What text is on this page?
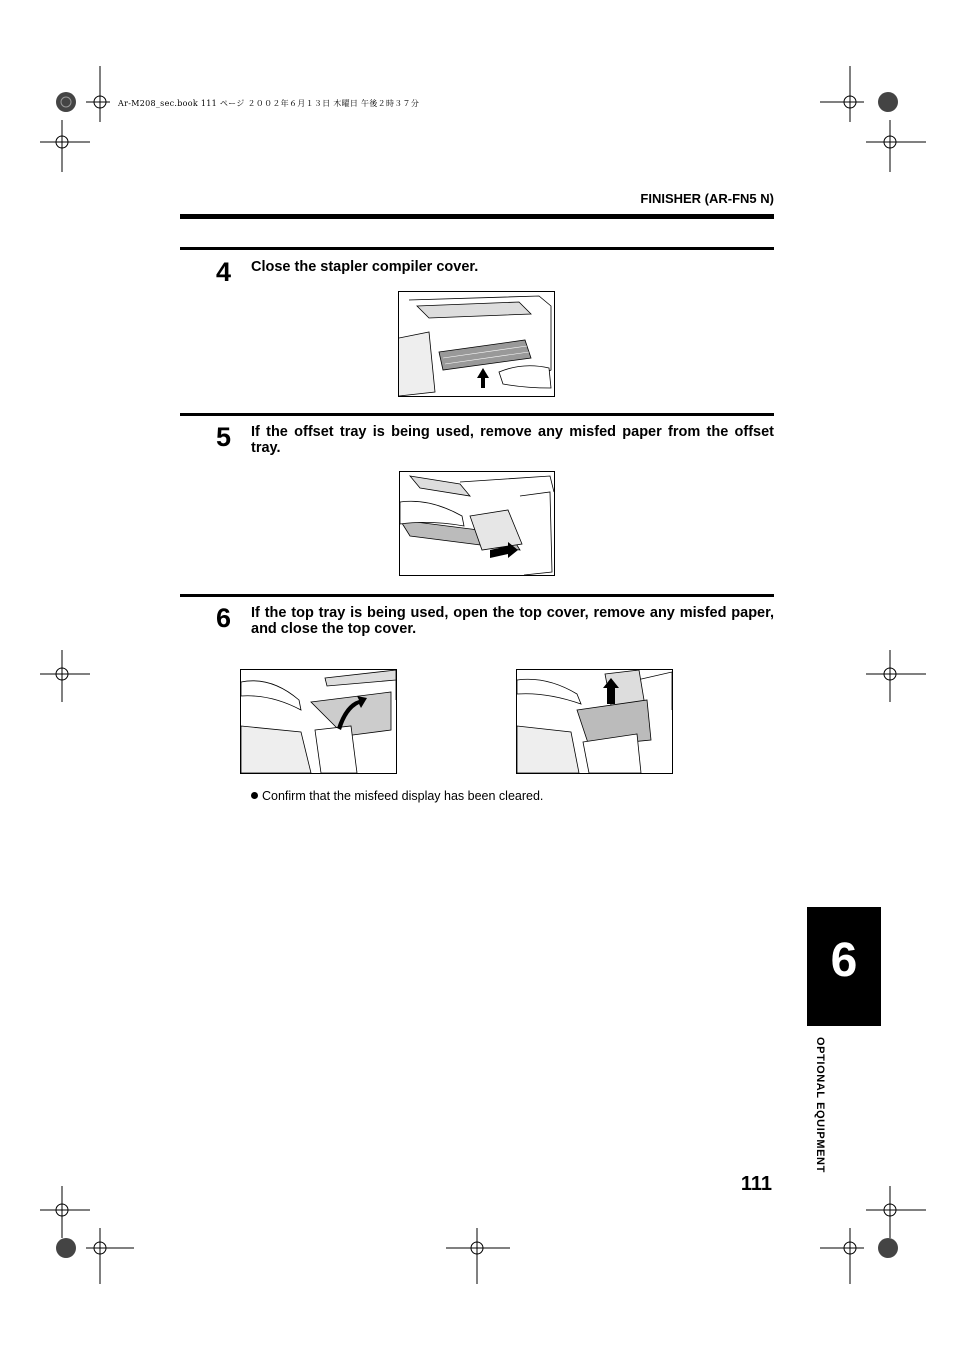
Ar-M208_sec.book 111 ページ ２００２年６月１３日 木曜日 午後２時３７分
FINISHER (AR-FN5 N)
4 Close the stapler compiler cover.
5 If the offset tray is being used, remove any misfed paper from the offset tray.
6 If the top tray is being used, open the top cover, remove any misfed paper, and close the top cover.
Confirm that the misfeed display has been cleared.
6
OPTIONAL EQUIPMENT
111
